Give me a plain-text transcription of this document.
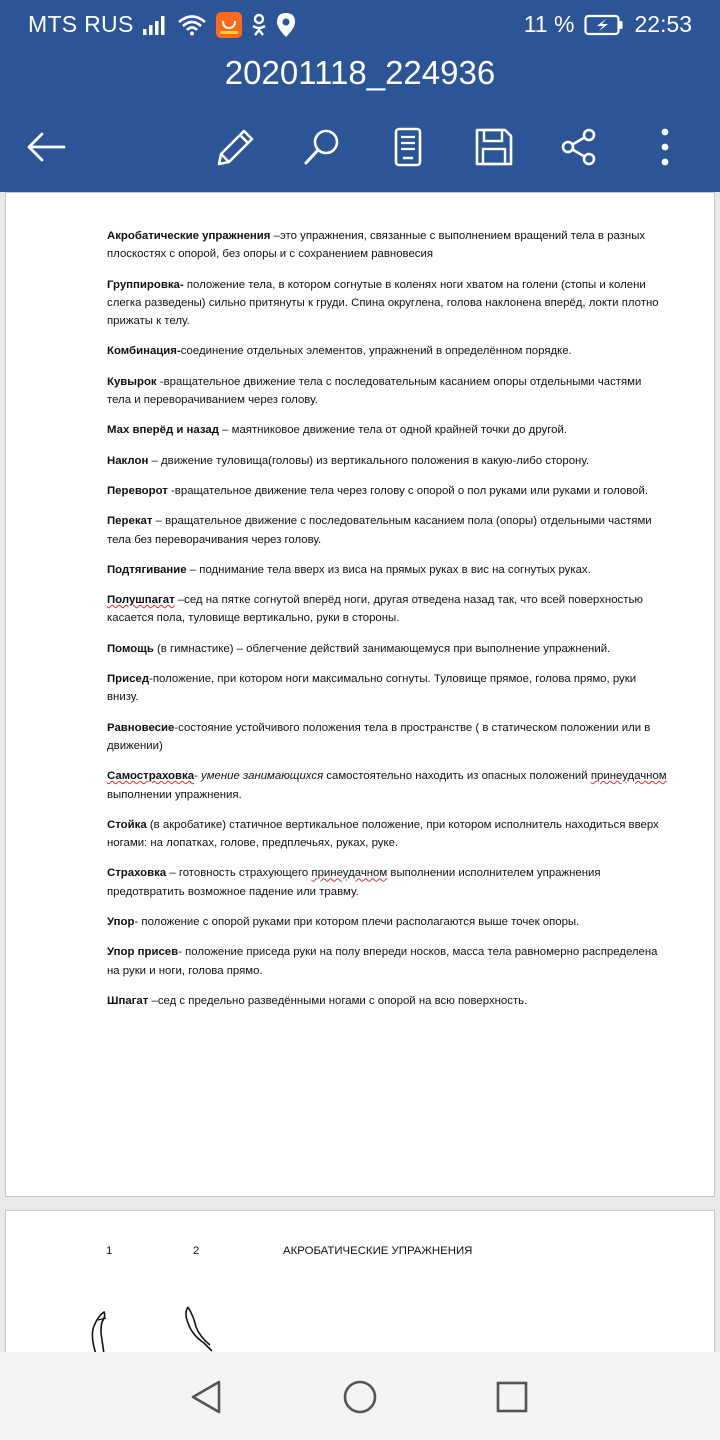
MTS RUS	11 %	22:53
20201118_224936

Акробатические упражнения –это упражнения, связанные с выполнением вращений тела в разных плоскостях с опорой, без опоры и с сохранением равновесия

Группировка- положение тела, в котором согнутые в коленях ноги хватом на голени (стопы и колени слегка разведены) сильно притянуты к груди. Спина округлена, голова наклонена вперёд, локти плотно прижаты к телу.

Комбинация-соединение отдельных элементов, упражнений в определённом порядке.

Кувырок -вращательное движение тела с последовательным касанием опоры отдельными частями тела и переворачиванием через голову.

Мах вперёд и назад – маятниковое движение тела от одной крайней точки до другой.

Наклон – движение туловища(головы) из вертикального положения в какую-либо сторону.

Переворот -вращательное движение тела через голову с опорой о пол руками или руками и головой.

Перекат – вращательное движение с последовательным касанием пола (опоры) отдельными частями тела без переворачивания через голову.

Подтягивание – поднимание тела вверх из виса на прямых руках в вис на согнутых руках.

Полушпагат –сед на пятке согнутой вперёд ноги, другая отведена назад так, что всей поверхностью касается пола, туловище вертикально, руки в стороны.

Помощь (в гимнастике) – облегчение действий занимающемуся при выполнение упражнений.

Присед-положение, при котором ноги максимально согнуты. Туловище прямое, голова прямо, руки внизу.

Равновесие-состояние устойчивого положения тела в пространстве ( в статическом положении или в движении)

Самостраховка- умение занимающихся самостоятельно находить из опасных положений принеудачном выполнении упражнения.

Стойка (в акробатике) статичное вертикальное положение, при котором исполнитель находиться вверх ногами: на лопатках, голове, предплечьях, руках, руке.

Страховка – готовность страхующего принеудачном выполнении исполнителем упражнения предотвратить возможное падение или травму.

Упор- положение с опорой руками при котором плечи располагаются выше точек опоры.

Упор присев- положение приседа руки на полу впереди носков, масса тела равномерно распределена на руки и ноги, голова прямо.

Шпагат –сед с предельно разведёнными ногами с опорой на всю поверхность.

1	2	АКРОБАТИЧЕСКИЕ УПРАЖНЕНИЯ
